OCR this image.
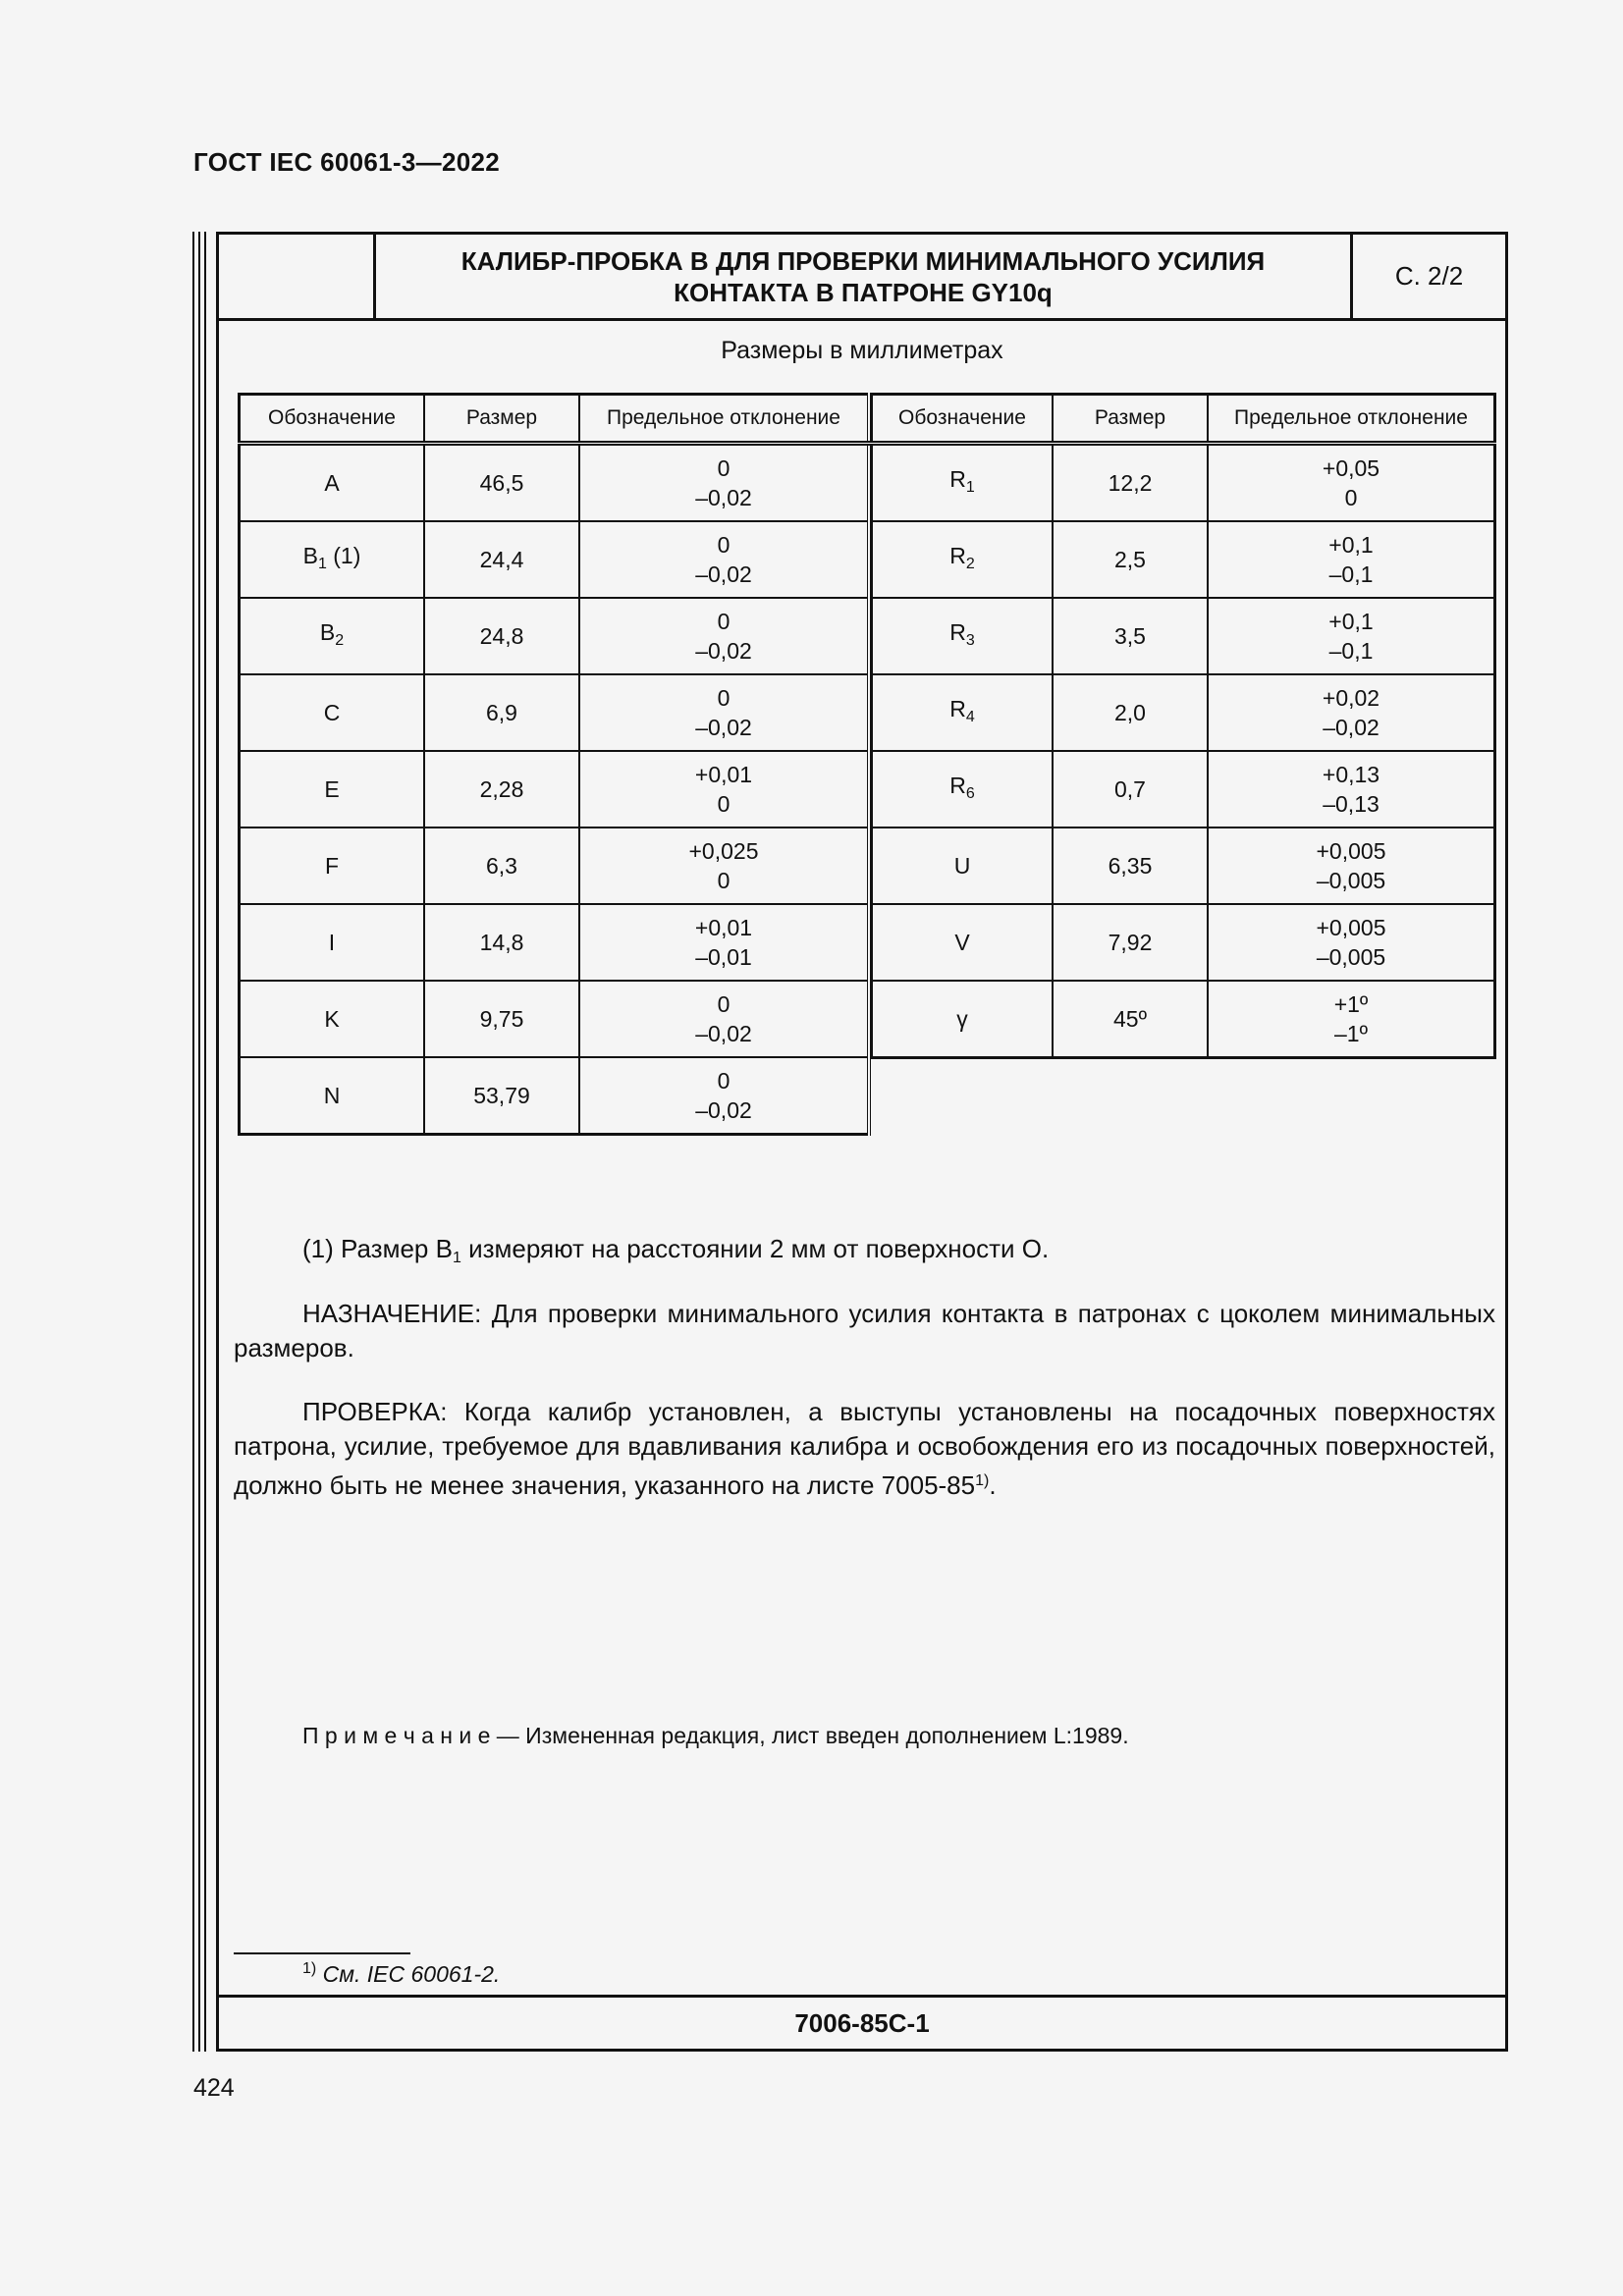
ГОСТ IEC 60061-3—2022
КАЛИБР-ПРОБКА В ДЛЯ ПРОВЕРКИ МИНИМАЛЬНОГО УСИЛИЯ
КОНТАКТА В ПАТРОНЕ GY10q
С. 2/2
Размеры в миллиметрах
Обозначение	Размер	Предельное отклонение
A	46,5	0
–0,02

$B_1$ (1)	24,4	0
–0,02

$B_2$	24,8	0
–0,02

C	6,9	0
–0,02

E	2,28	+0,01
0

F	6,3	+0,025
0

I	14,8	+0,01
–0,01

K	9,75	0
–0,02

N	53,79	0
–0,02
Обозначение	Размер	Предельное отклонение
$R_1$	12,2	+0,05
0

$R_2$	2,5	+0,1
–0,1

$R_3$	3,5	+0,1
–0,1

$R_4$	2,0	+0,02
–0,02

$R_6$	0,7	+0,13
–0,13

U	6,35	+0,005
–0,005

V	7,92	+0,005
–0,005

γ	45º	+1º
–1º
(1) Размер $B_1$ измеряют на расстоянии 2 мм от поверхности O.
НАЗНАЧЕНИЕ: Для проверки минимального усилия контакта в патронах с цоколем минимальных размеров.
ПРОВЕРКА: Когда калибр установлен, а выступы установлены на посадочных поверхностях патрона, усилие, требуемое для вдавливания калибра и освобождения его из посадочных поверхностей, должно быть не менее значения, указанного на листе 7005-85$^{1)}$.
П р и м е ч а н и е — Измененная редакция, лист введен дополнением L:1989.
$^{1)}$ См. IEC 60061-2.
7006-85C-1
424
